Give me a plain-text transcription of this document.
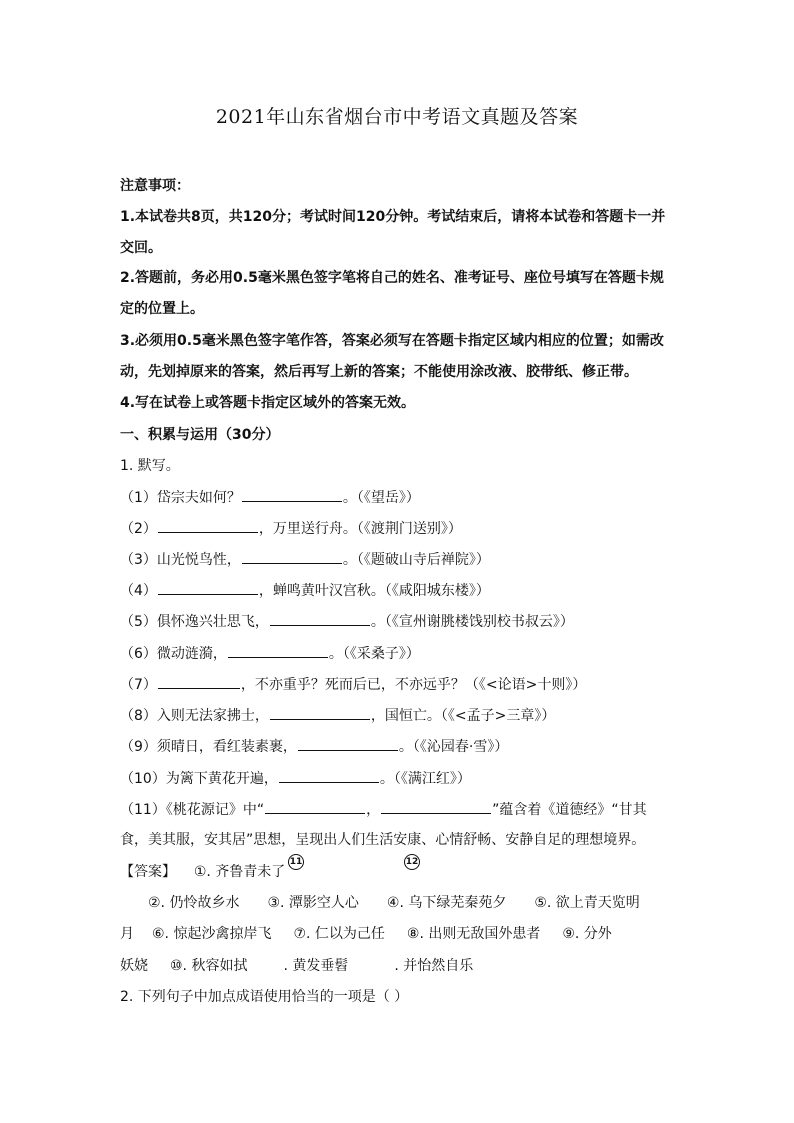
2021年山东省烟台市中考语文真题及答案
注意事项：
1.本试卷共8页，共120分；考试时间120分钟。考试结束后，请将本试卷和答题卡一并
交回。
2.答题前，务必用0.5毫米黑色签字笔将自己的姓名、准考证号、座位号填写在答题卡规
定的位置上。
3.必须用0.5毫米黑色签字笔作答，答案必须写在答题卡指定区域内相应的位置；如需改
动，先划掉原来的答案，然后再写上新的答案；不能使用涂改液、胶带纸、修正带。
4.写在试卷上或答题卡指定区域外的答案无效。
一、积累与运用（30分）
1. 默写。
（1）岱宗夫如何？	。（《望岳》）
（2）	，万里送行舟。（《渡荆门送别》）
（3）山光悦鸟性，	。（《题破山寺后禅院》）
（4）	，蝉鸣黄叶汉宫秋。（《咸阳城东楼》）
（5）俱怀逸兴壮思飞，	。（《宣州谢朓楼饯别校书叔云》）
（6）微动涟漪，	。（《采桑子》）
（7）	，不亦重乎？死而后已，不亦远乎？（《<论语>十则》）
（8）入则无法家拂士，	，国恒亡。（《<孟子>三章》）
（9）须晴日，看红装素裹，	。（《沁园春·雪》）
（10）为篱下黄花开遍，	。（《满江红》）
（11）《桃花源记》中“	，	”蕴含着《道德经》“甘其
食，美其服，安其居”思想，呈现出人们生活安康、心情舒畅、安静自足的理想境界。
【答案】 ①. 齐鲁青未了
11	12
②. 仍怜故乡水 ③. 潭影空人心 ④. 乌下绿芜秦苑夕 ⑤. 欲上青天览明
月 ⑥. 惊起沙禽掠岸飞 ⑦. 仁以为己任 ⑧. 出则无敌国外患者 ⑨. 分外
妖娆 ⑩. 秋容如拭	. 黄发垂髫	. 并怡然自乐
2. 下列句子中加点成语使用恰当的一项是（ ）
